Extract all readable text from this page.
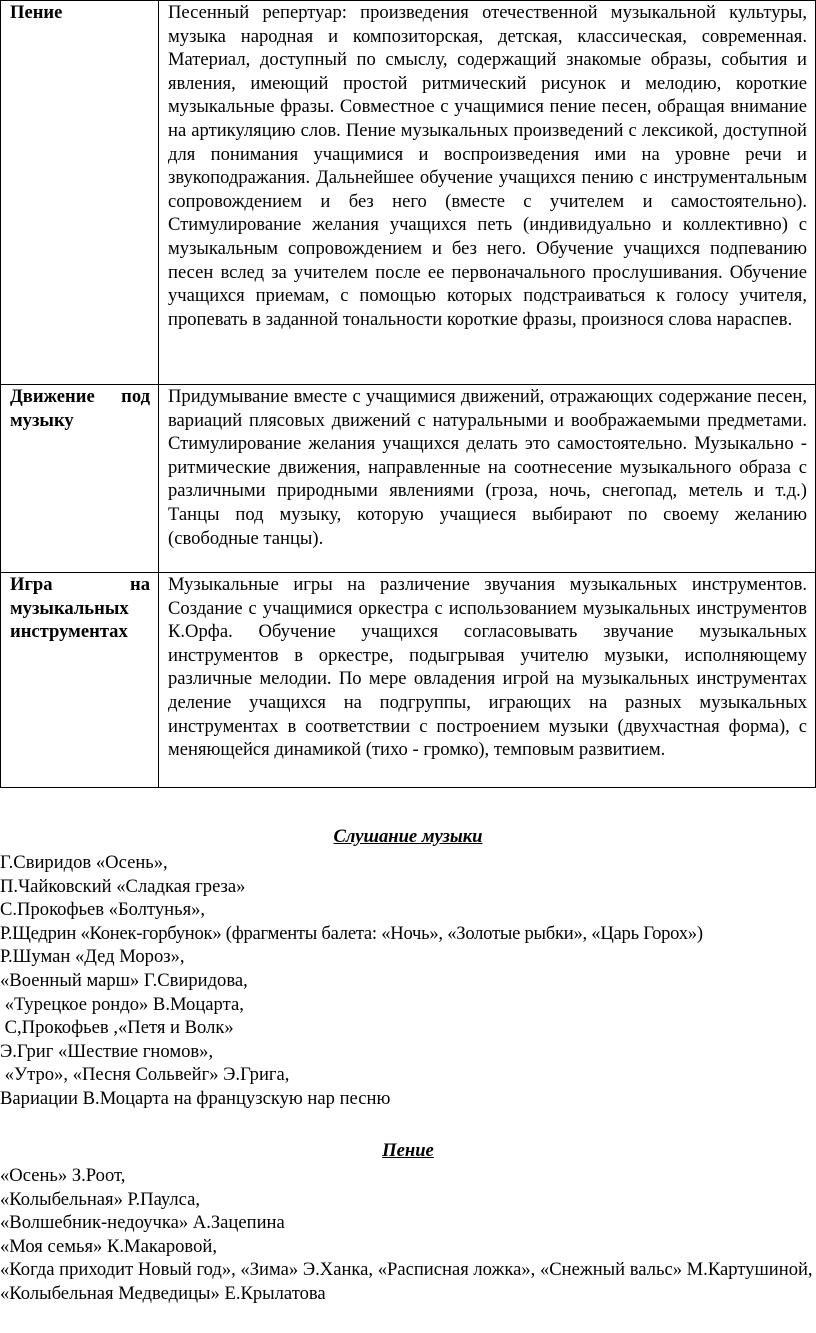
Пение	Песенный репертуар: произведения отечественной музыкальной культуры, музыка народная и композиторская, детская, классическая, современная. Материал, доступный по смыслу, содержащий знакомые образы, события и явления, имеющий простой ритмический рисунок и мелодию, короткие музыкальные фразы. Совместное с учащимися пение песен, обращая внимание на артикуляцию слов. Пение музыкальных произведений с лексикой, доступной для понимания учащимися и воспроизведения ими на уровне речи и звукоподражания. Дальнейшее обучение учащихся пению с инструментальным сопровождением и без него (вместе с учителем и самостоятельно). Стимулирование желания учащихся петь (индивидуально и коллективно) с музыкальным сопровождением и без него. Обучение учащихся подпеванию песен вслед за учителем после ее первоначального прослушивания. Обучение учащихся приемам, с помощью которых подстраиваться к голосу учителя, пропевать в заданной тональности короткие фразы, произнося слова нараспев.
Движение под музыку	Придумывание вместе с учащимися движений, отражающих содержание песен, вариаций плясовых движений с натуральными и воображаемыми предметами. Стимулирование желания учащихся делать это самостоятельно. Музыкально - ритмические движения, направленные на соотнесение музыкального образа с различными природными явлениями (гроза, ночь, снегопад, метель и т.д.) Танцы под музыку, которую учащиеся выбирают по своему желанию (свободные танцы).
Игра на музыкальных инструментах	Музыкальные игры на различение звучания музыкальных инструментов. Создание с учащимися оркестра с использованием музыкальных инструментов К.Орфа. Обучение учащихся согласовывать звучание музыкальных инструментов в оркестре, подыгрывая учителю музыки, исполняющему различные мелодии. По мере овладения игрой на музыкальных инструментах деление учащихся на подгруппы, играющих на разных музыкальных инструментах в соответствии с построением музыки (двухчастная форма), с меняющейся динамикой (тихо - громко), темповым развитием.
Слушание музыки
Г.Свиридов «Осень»,
П.Чайковский «Сладкая греза»
С.Прокофьев «Болтунья»,
Р.Щедрин «Конек-горбунок» (фрагменты балета: «Ночь», «Золотые рыбки», «Царь Горох»)
Р.Шуман «Дед Мороз»,
«Военный марш» Г.Свиридова,
«Турецкое рондо» В.Моцарта,
С,Прокофьев ,«Петя и Волк»
Э.Григ «Шествие гномов»,
«Утро», «Песня Сольвейг» Э.Грига,
Вариации В.Моцарта на французскую нар песню
Пение
«Осень» З.Роот,
«Колыбельная» Р.Паулса,
«Волшебник-недоучка» А.Зацепина
«Моя семья» К.Макаровой,
«Когда приходит Новый год», «Зима» Э.Ханка, «Расписная ложка», «Снежный вальс» М.Картушиной,
«Колыбельная Медведицы» Е.Крылатова
